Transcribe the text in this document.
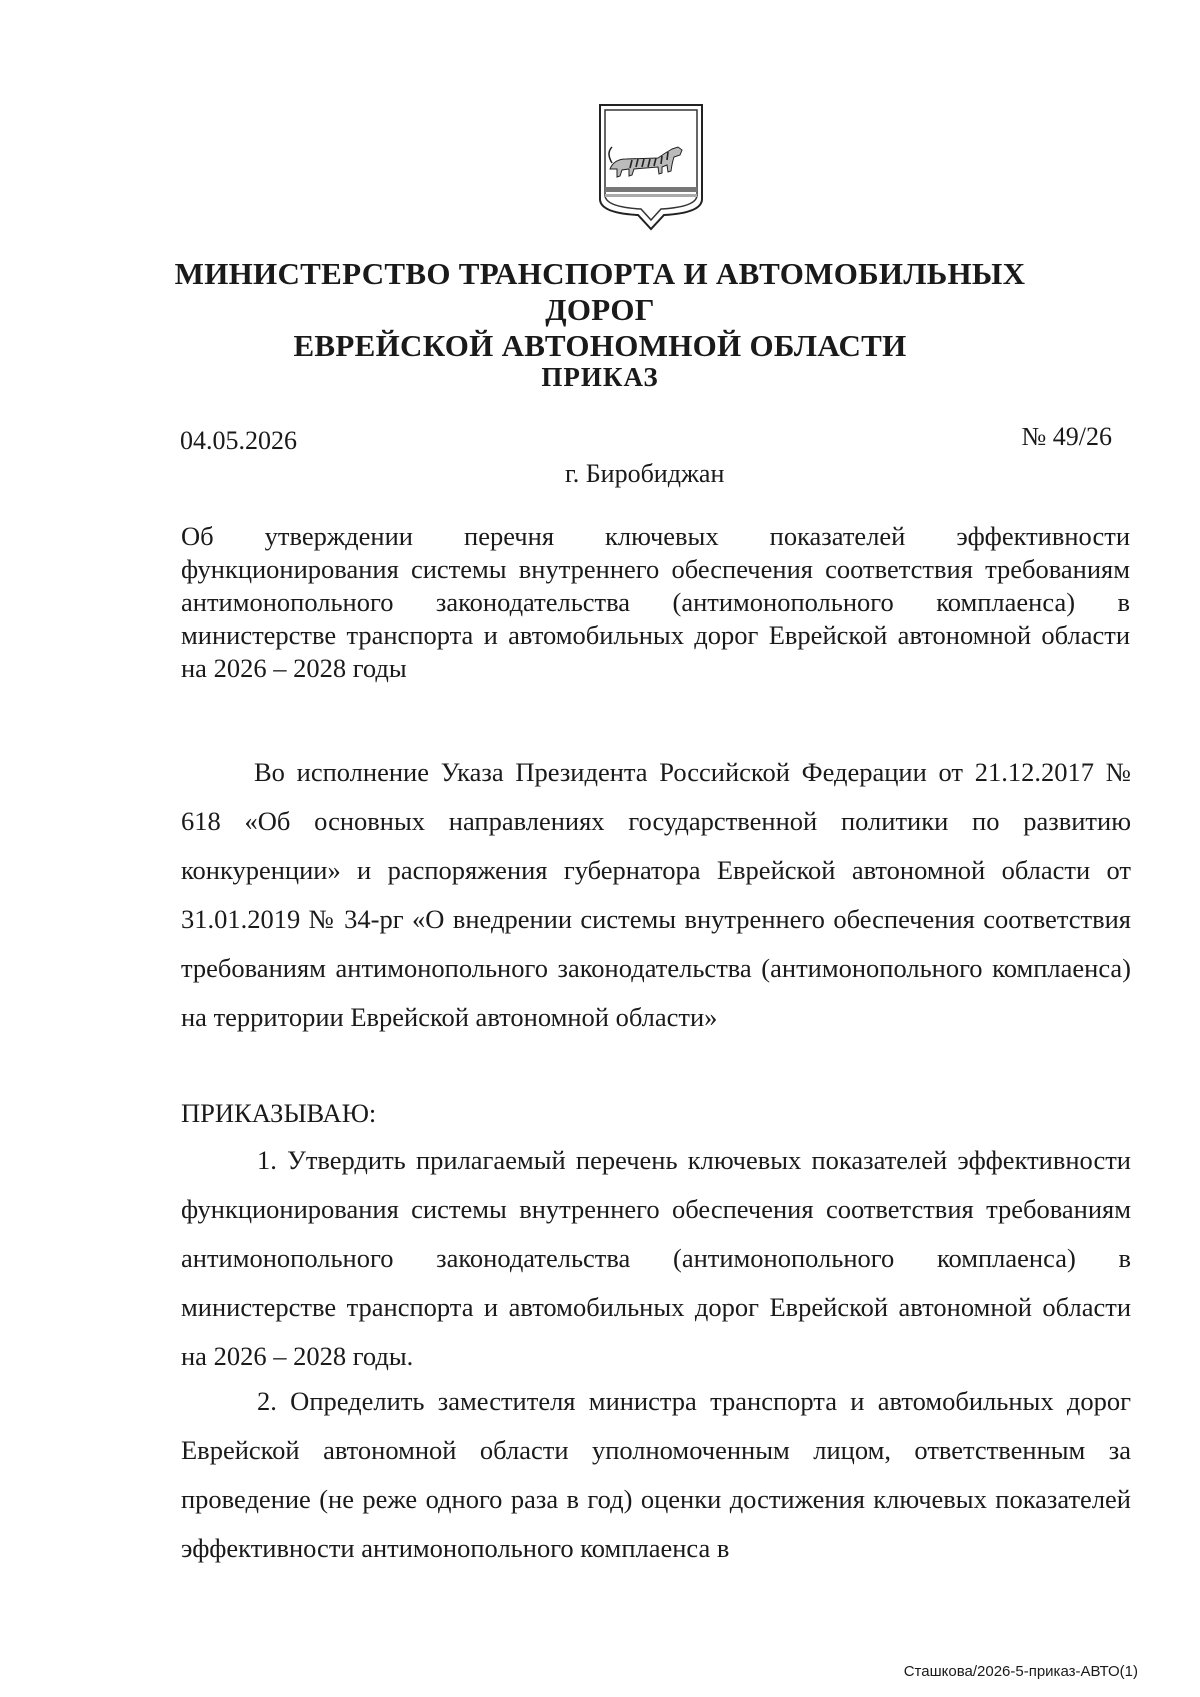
МИНИСТЕРСТВО ТРАНСПОРТА И АВТОМОБИЛЬНЫХ ДОРОГ
ЕВРЕЙСКОЙ АВТОНОМНОЙ ОБЛАСТИ
ПРИКАЗ
04.05.2026	№ 49/26
г. Биробиджан

Об утверждении перечня ключевых показателей эффективности функционирования системы внутреннего обеспечения соответствия требованиям антимонопольного законодательства (антимонопольного комплаенса) в министерстве транспорта и автомобильных дорог Еврейской автономной области на 2026 – 2028 годы

Во исполнение Указа Президента Российской Федерации от 21.12.2017 № 618 «Об основных направлениях государственной политики по развитию конкуренции» и распоряжения губернатора Еврейской автономной области от 31.01.2019 № 34-рг «О внедрении системы внутреннего обеспечения соответствия требованиям антимонопольного законодательства (антимонопольного комплаенса) на территории Еврейской автономной области»

ПРИКАЗЫВАЮ:

1. Утвердить прилагаемый перечень ключевых показателей эффективности функционирования системы внутреннего обеспечения соответствия требованиям антимонопольного законодательства (антимонопольного комплаенса) в министерстве транспорта и автомобильных дорог Еврейской автономной области на 2026 – 2028 годы.

2. Определить заместителя министра транспорта и автомобильных дорог Еврейской автономной области уполномоченным лицом, ответственным за проведение (не реже одного раза в год) оценки достижения ключевых показателей эффективности антимонопольного комплаенса в

Сташкова/2026-5-приказ-АВТО(1)
